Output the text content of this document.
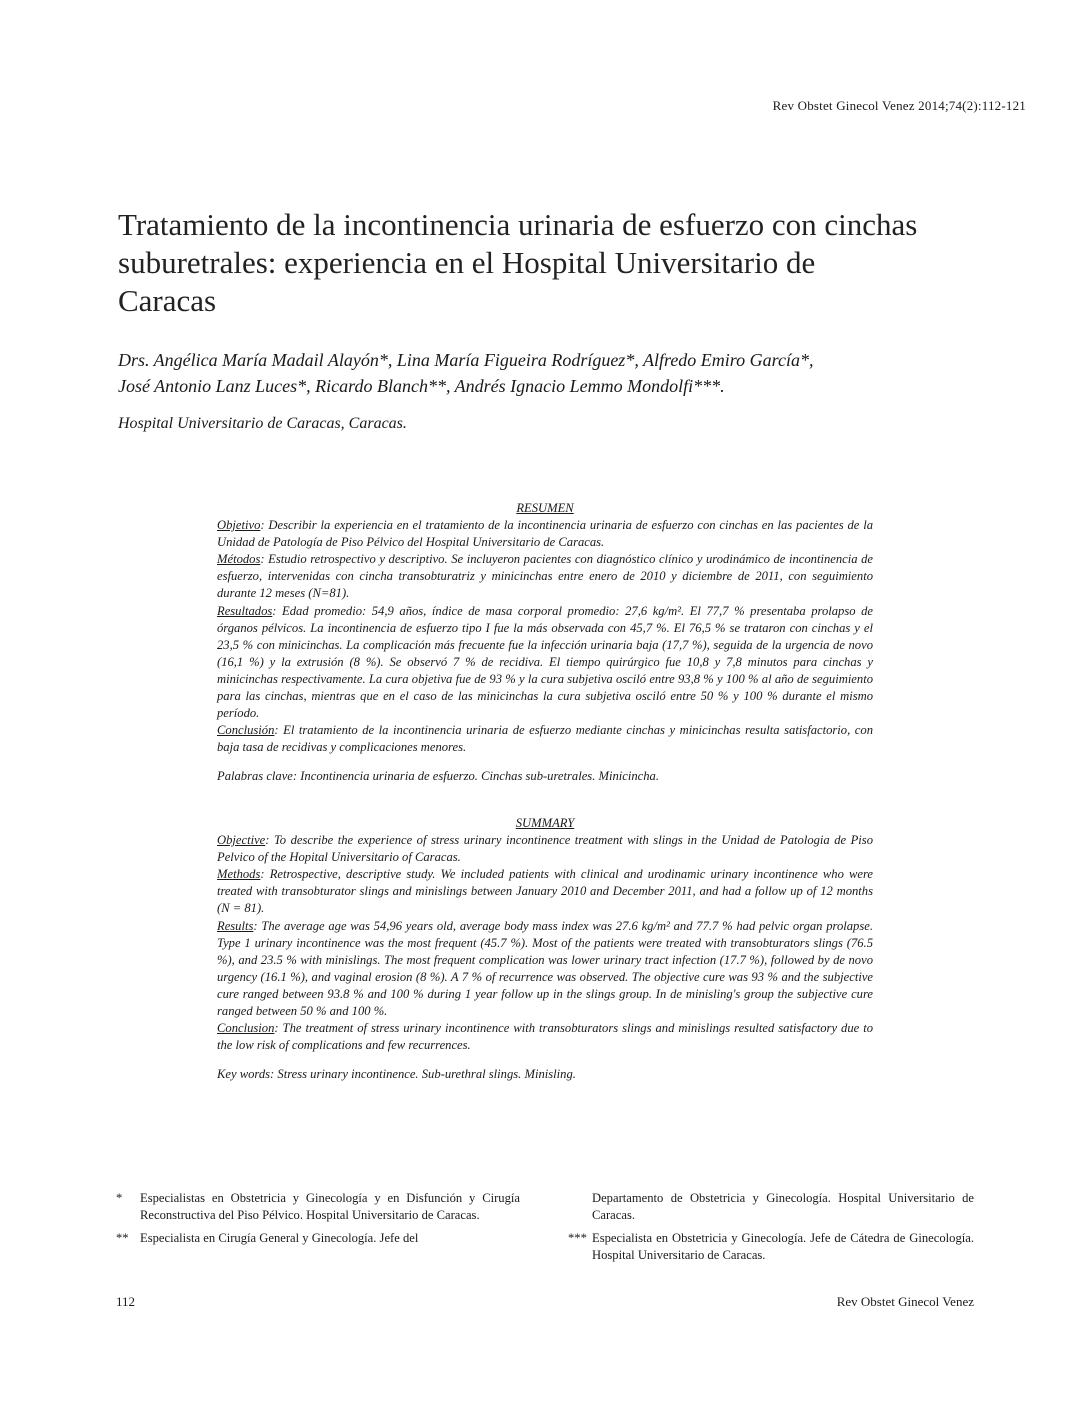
Rev Obstet Ginecol Venez 2014;74(2):112-121
Tratamiento de la incontinencia urinaria de esfuerzo con cinchas suburetrales: experiencia en el Hospital Universitario de Caracas
Drs. Angélica María Madail Alayón*, Lina María Figueira Rodríguez*, Alfredo Emiro García*,
José Antonio Lanz Luces*, Ricardo Blanch**, Andrés Ignacio Lemmo Mondolfi***.
Hospital Universitario de Caracas, Caracas.
RESUMEN

Objetivo: Describir la experiencia en el tratamiento de la incontinencia urinaria de esfuerzo con cinchas en las pacientes de la Unidad de Patología de Piso Pélvico del Hospital Universitario de Caracas.

Métodos: Estudio retrospectivo y descriptivo. Se incluyeron pacientes con diagnóstico clínico y urodinámico de incontinencia de esfuerzo, intervenidas con cincha transobturatriz y minicinchas entre enero de 2010 y diciembre de 2011, con seguimiento durante 12 meses (N=81).

Resultados: Edad promedio: 54,9 años, índice de masa corporal promedio: 27,6 kg/m². El 77,7 % presentaba prolapso de órganos pélvicos. La incontinencia de esfuerzo tipo I fue la más observada con 45,7 %. El 76,5 % se trataron con cinchas y el 23,5 % con minicinchas. La complicación más frecuente fue la infección urinaria baja (17,7 %), seguida de la urgencia de novo (16,1 %) y la extrusión (8 %). Se observó 7 % de recidiva. El tiempo quirúrgico fue 10,8 y 7,8 minutos para cinchas y minicinchas respectivamente. La cura objetiva fue de 93 % y la cura subjetiva osciló entre 93,8 % y 100 % al año de seguimiento para las cinchas, mientras que en el caso de las minicinchas la cura subjetiva osciló entre 50 % y 100 % durante el mismo período.

Conclusión: El tratamiento de la incontinencia urinaria de esfuerzo mediante cinchas y minicinchas resulta satisfactorio, con baja tasa de recidivas y complicaciones menores.

Palabras clave: Incontinencia urinaria de esfuerzo. Cinchas sub-uretrales. Minicincha.

SUMMARY

Objective: To describe the experience of stress urinary incontinence treatment with slings in the Unidad de Patologia de Piso Pelvico of the Hopital Universitario of Caracas.

Methods: Retrospective, descriptive study. We included patients with clinical and urodinamic urinary incontinence who were treated with transobturator slings and minislings between January 2010 and December 2011, and had a follow up of 12 months (N = 81).

Results: The average age was 54,96 years old, average body mass index was 27.6 kg/m² and 77.7 % had pelvic organ prolapse. Type 1 urinary incontinence was the most frequent (45.7 %). Most of the patients were treated with transobturators slings (76.5 %), and 23.5 % with minislings. The most frequent complication was lower urinary tract infection (17.7 %), followed by de novo urgency (16.1 %), and vaginal erosion (8 %). A 7 % of recurrence was observed. The objective cure was 93 % and the subjective cure ranged between 93.8 % and 100 % during 1 year follow up in the slings group. In de minisling's group the subjective cure ranged between 50 % and 100 %.

Conclusion: The treatment of stress urinary incontinence with transobturators slings and minislings resulted satisfactory due to the low risk of complications and few recurrences.

Key words: Stress urinary incontinence. Sub-urethral slings. Minisling.

*	Especialistas en Obstetricia y Ginecología y en Disfunción y Cirugía Reconstructiva del Piso Pélvico. Hospital Universitario de Caracas.
** Especialista en Cirugía General y Ginecología. Jefe del
Departamento de Obstetricia y Ginecología. Hospital Universitario de Caracas.
*** Especialista en Obstetricia y Ginecología. Jefe de Cátedra de Ginecología. Hospital Universitario de Caracas.
112	Rev Obstet Ginecol Venez
